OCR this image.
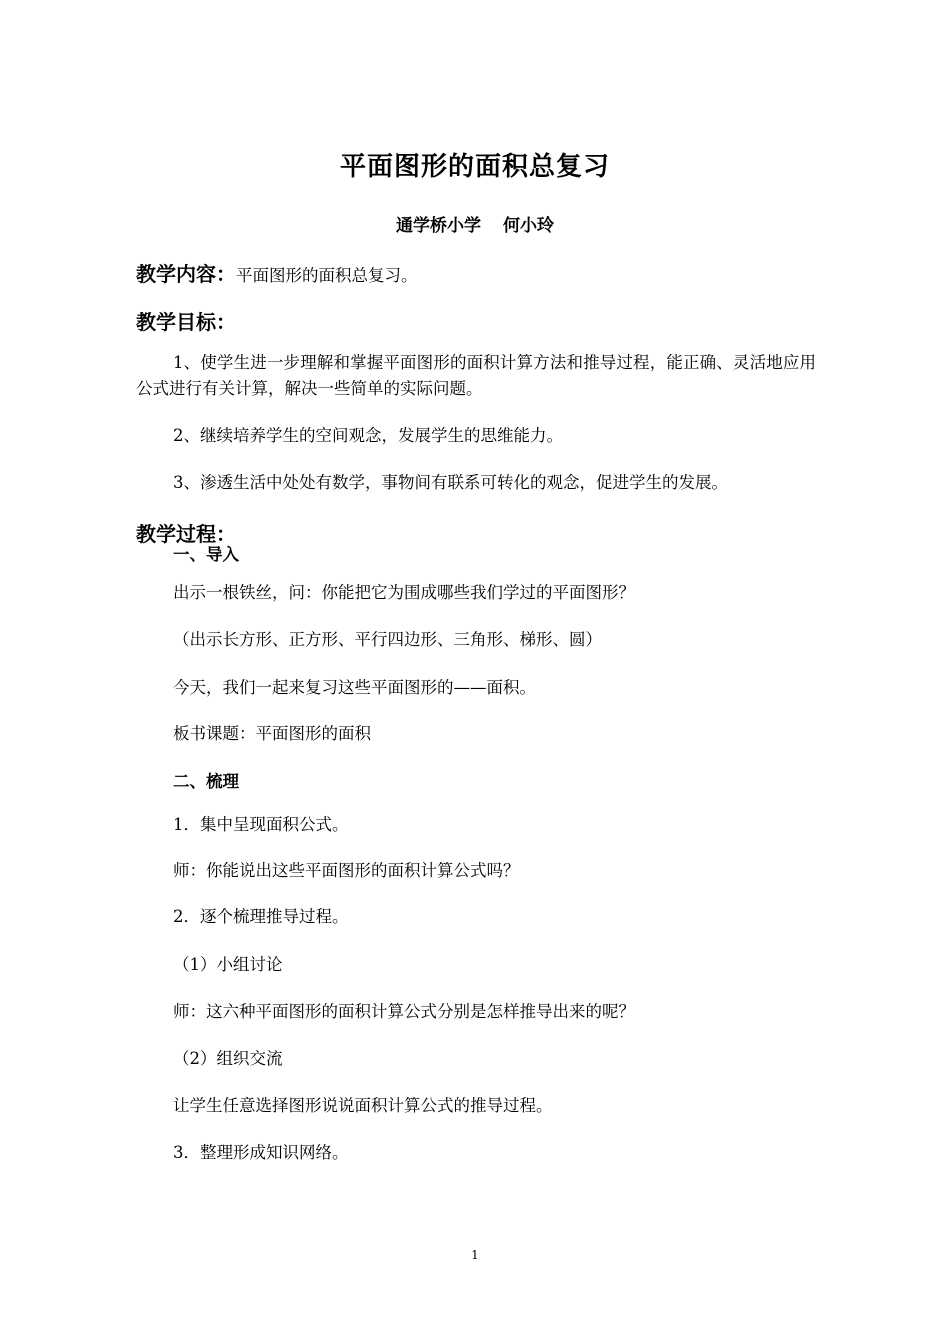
平面图形的面积总复习
通学桥小学 何小玲
教学内容：平面图形的面积总复习。
教学目标：
1、使学生进一步理解和掌握平面图形的面积计算方法和推导过程，能正确、灵活地应用公式进行有关计算，解决一些简单的实际问题。
2、继续培养学生的空间观念，发展学生的思维能力。
3、渗透生活中处处有数学，事物间有联系可转化的观念，促进学生的发展。
教学过程：
一、导入
出示一根铁丝，问：你能把它为围成哪些我们学过的平面图形？
（出示长方形、正方形、平行四边形、三角形、梯形、圆）
今天，我们一起来复习这些平面图形的——面积。
板书课题：平面图形的面积
二、梳理
1．集中呈现面积公式。
师：你能说出这些平面图形的面积计算公式吗？
2．逐个梳理推导过程。
（1）小组讨论
师：这六种平面图形的面积计算公式分别是怎样推导出来的呢？
（2）组织交流
让学生任意选择图形说说面积计算公式的推导过程。
3．整理形成知识网络。
1
